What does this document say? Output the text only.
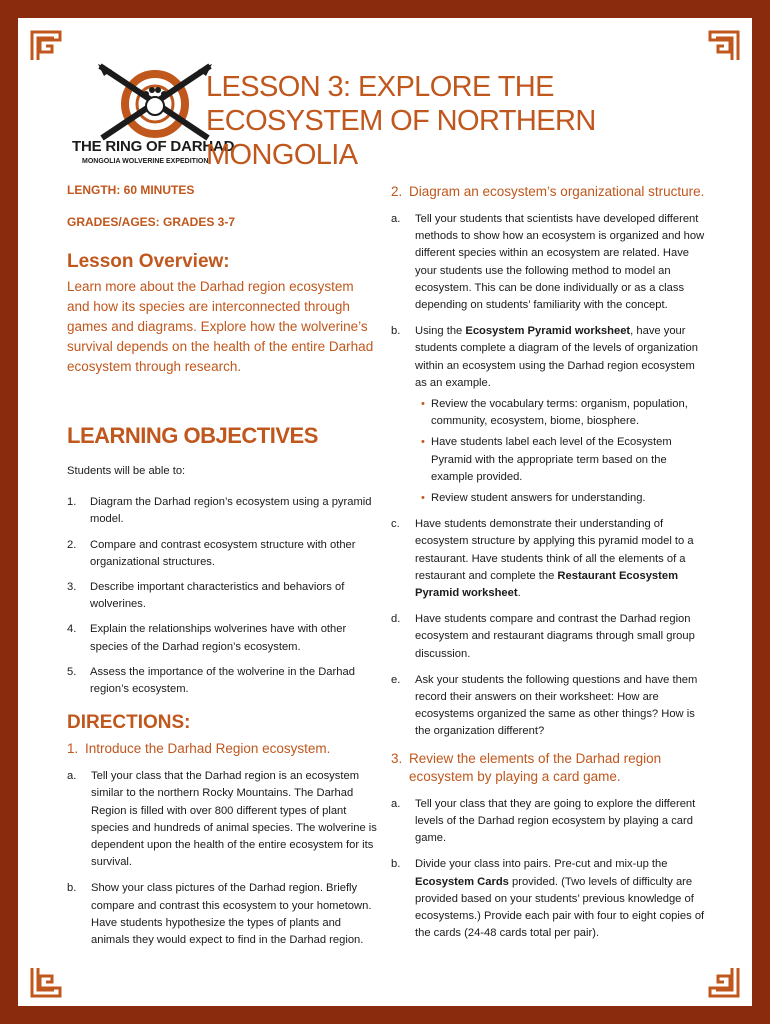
THE RING OF DARHAD
MONGOLIA WOLVERINE EXPEDITION
LESSON 3: EXPLORE THE ECOSYSTEM OF NORTHERN MONGOLIA

LENGTH: 60 MINUTES

GRADES/AGES: GRADES 3-7

Lesson Overview:

Learn more about the Darhad region ecosystem and how its species are interconnected through games and diagrams. Explore how the wolverine’s survival depends on the health of the entire Darhad ecosystem through research.

LEARNING OBJECTIVES

Students will be able to:

1. Diagram the Darhad region’s ecosystem using a pyramid model.
2. Compare and contrast ecosystem structure with other organizational structures.
3. Describe important characteristics and behaviors of wolverines.
4. Explain the relationships wolverines have with other species of the Darhad region’s ecosystem.
5. Assess the importance of the wolverine in the Darhad region’s ecosystem.
DIRECTIONS:
1. Introduce the Darhad Region ecosystem.
a. Tell your class that the Darhad region is an ecosystem similar to the northern Rocky Mountains. The Darhad Region is filled with over 800 different types of plant species and hundreds of animal species. The wolverine is dependent upon the health of the entire ecosystem for its survival.
b. Show your class pictures of the Darhad region. Briefly compare and contrast this ecosystem to your hometown. Have students hypothesize the types of plants and animals they would expect to find in the Darhad region.
2. Diagram an ecosystem’s organizational structure.
a. Tell your students that scientists have developed different methods to show how an ecosystem is organized and how different species within an ecosystem are related. Have your students use the following method to model an ecosystem. This can be done individually or as a class depending on students’ familiarity with the concept.
b. Using the Ecosystem Pyramid worksheet, have your students complete a diagram of the levels of organization within an ecosystem using the Darhad region ecosystem as an example.
• Review the vocabulary terms: organism, population, community, ecosystem, biome, biosphere.
• Have students label each level of the Ecosystem Pyramid with the appropriate term based on the example provided.
• Review student answers for understanding.
c. Have students demonstrate their understanding of ecosystem structure by applying this pyramid model to a restaurant. Have students think of all the elements of a restaurant and complete the Restaurant Ecosystem Pyramid worksheet.
d. Have students compare and contrast the Darhad region ecosystem and restaurant diagrams through small group discussion.
e. Ask your students the following questions and have them record their answers on their worksheet: How are ecosystems organized the same as other things? How is the organization different?
3. Review the elements of the Darhad region ecosystem by playing a card game.
a. Tell your class that they are going to explore the different levels of the Darhad region ecosystem by playing a card game.
b. Divide your class into pairs. Pre-cut and mix-up the Ecosystem Cards provided. (Two levels of difficulty are provided based on your students’ previous knowledge of ecosystems.) Provide each pair with four to eight copies of the cards (24-48 cards total per pair).
